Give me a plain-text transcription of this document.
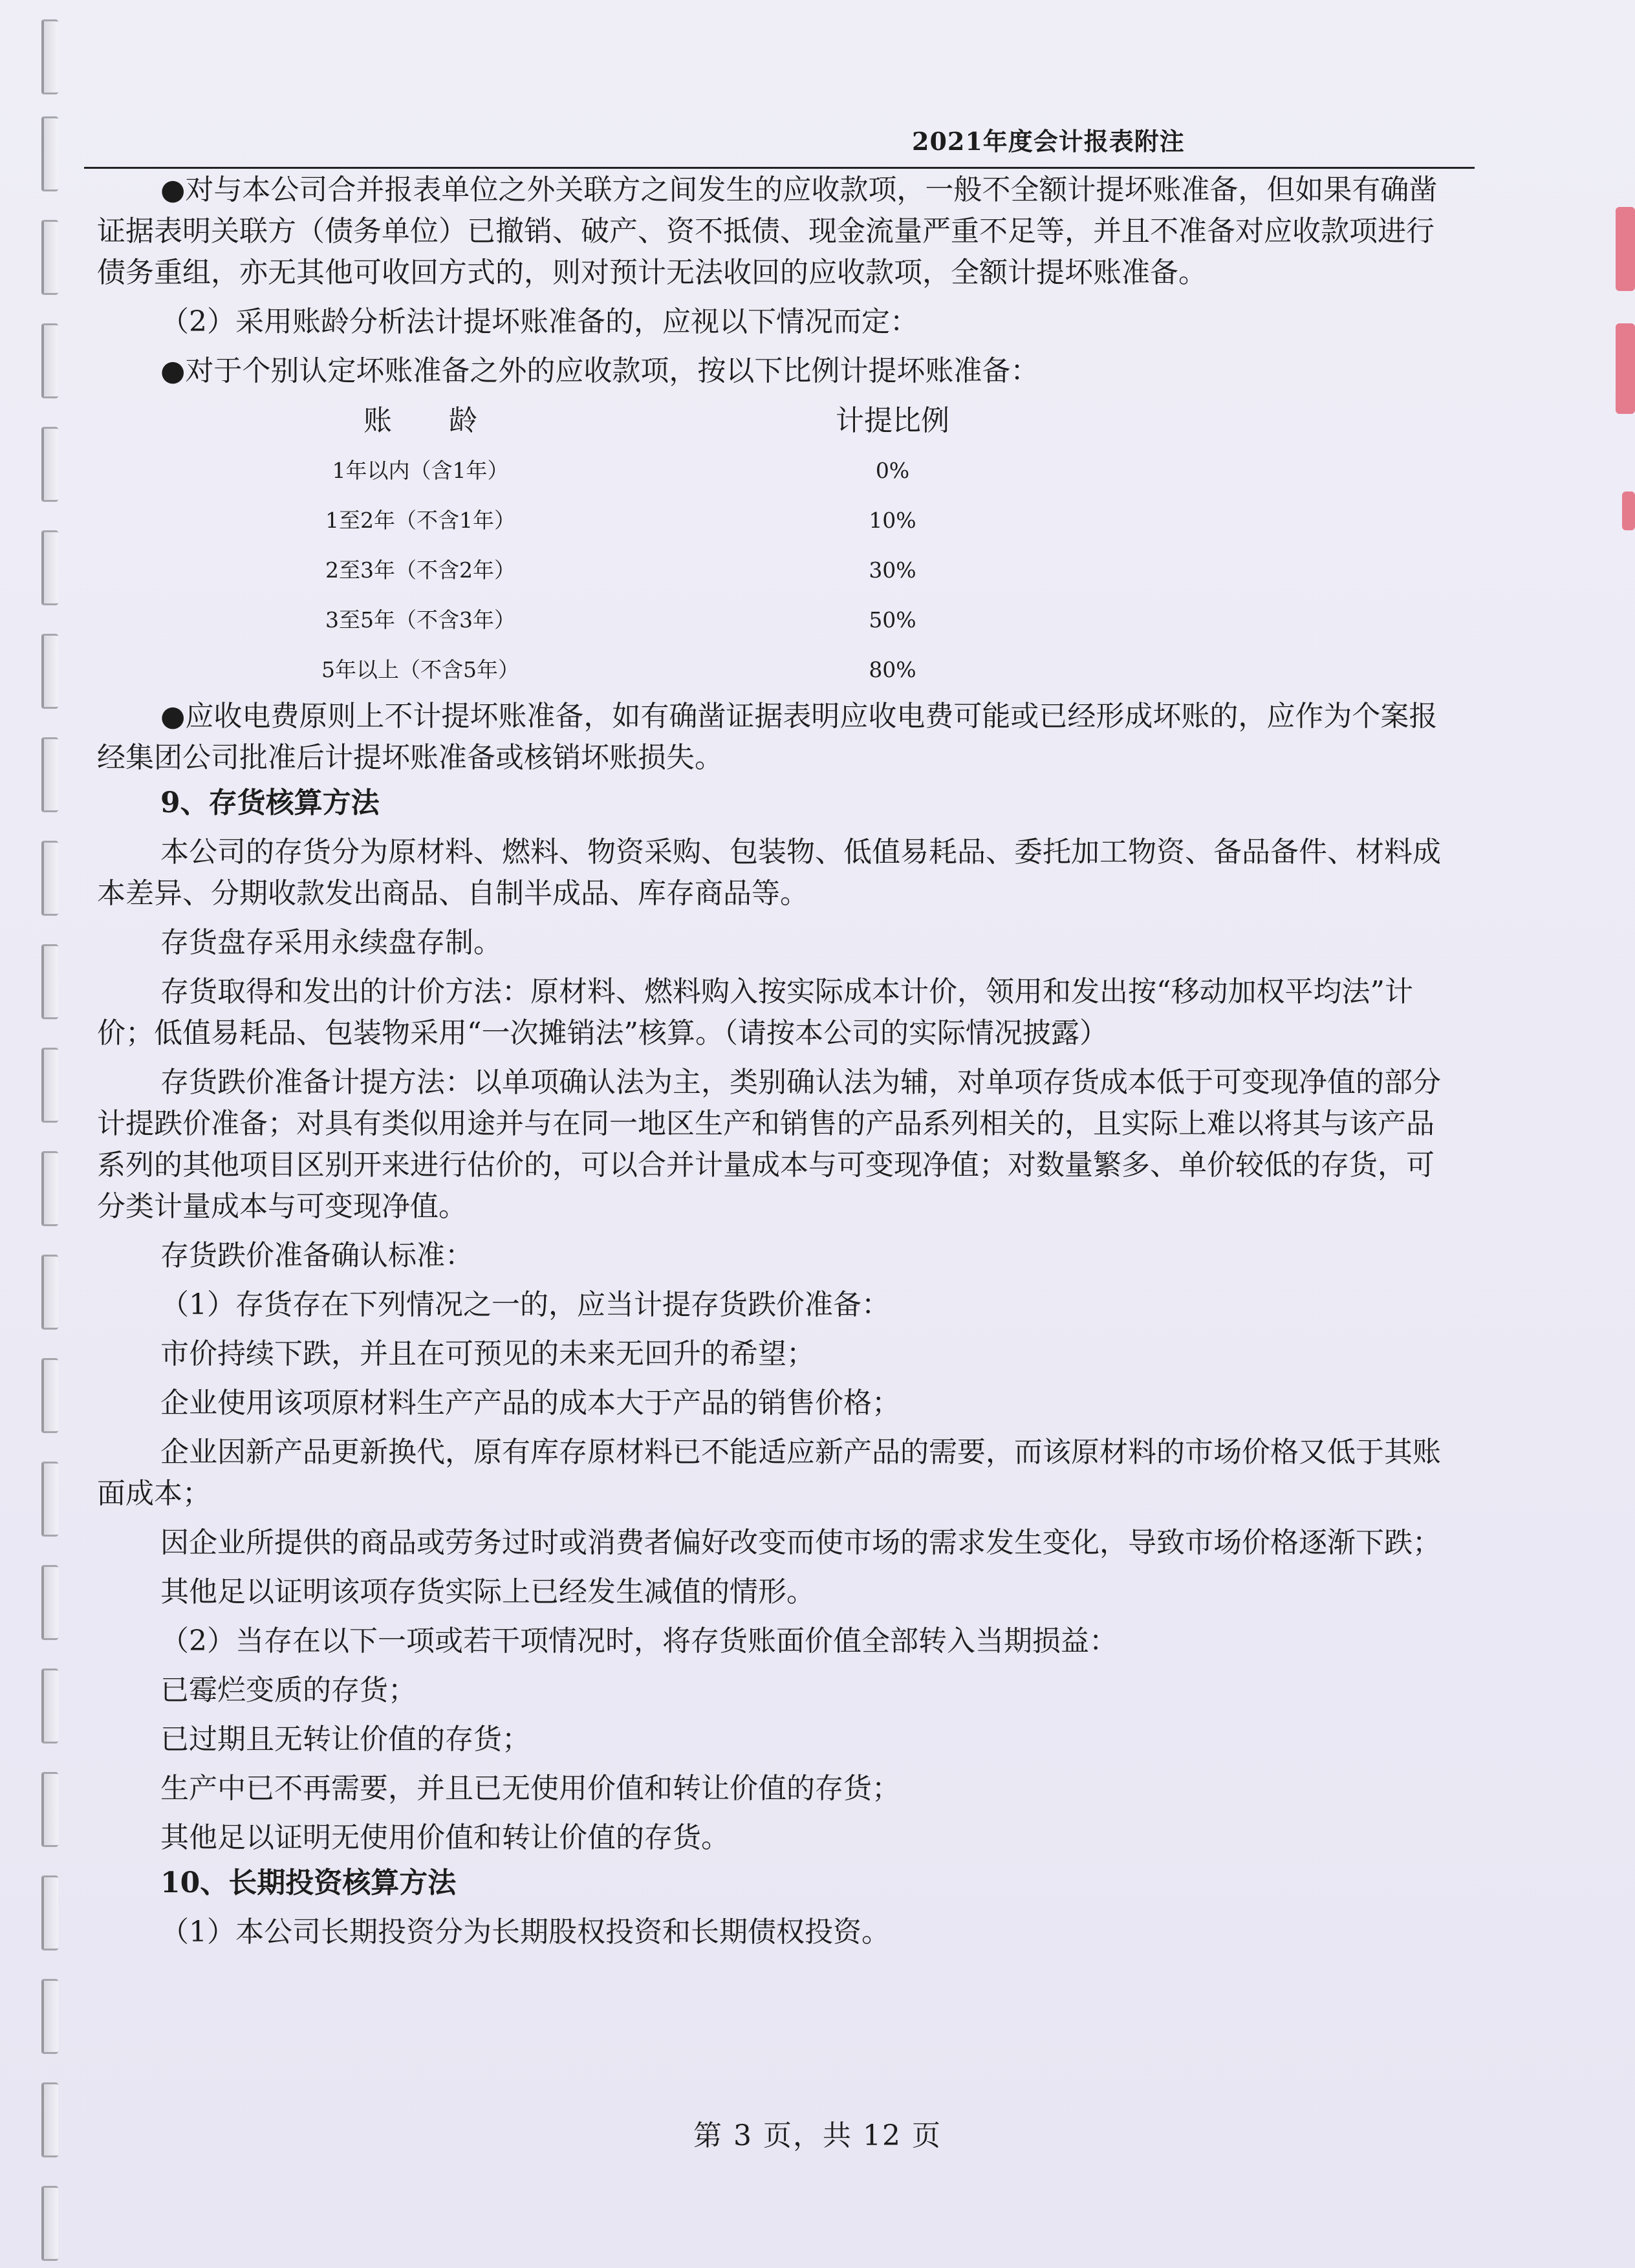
2021年度会计报表附注

●对与本公司合并报表单位之外关联方之间发生的应收款项，一般不全额计提坏账准备，但如果有确凿证据表明关联方（债务单位）已撤销、破产、资不抵债、现金流量严重不足等，并且不准备对应收款项进行债务重组，亦无其他可收回方式的，则对预计无法收回的应收款项，全额计提坏账准备。

（2）采用账龄分析法计提坏账准备的，应视以下情况而定：

●对于个别认定坏账准备之外的应收款项，按以下比例计提坏账准备：

账　　龄	计提比例
1年以内（含1年）	0%
1至2年（不含1年）	10%
2至3年（不含2年）	30%
3至5年（不含3年）	50%
5年以上（不含5年）	80%

●应收电费原则上不计提坏账准备，如有确凿证据表明应收电费可能或已经形成坏账的，应作为个案报经集团公司批准后计提坏账准备或核销坏账损失。

9、存货核算方法

本公司的存货分为原材料、燃料、物资采购、包装物、低值易耗品、委托加工物资、备品备件、材料成本差异、分期收款发出商品、自制半成品、库存商品等。

存货盘存采用永续盘存制。

存货取得和发出的计价方法：原材料、燃料购入按实际成本计价，领用和发出按“移动加权平均法”计价；低值易耗品、包装物采用“一次摊销法”核算。（请按本公司的实际情况披露）

存货跌价准备计提方法：以单项确认法为主，类别确认法为辅，对单项存货成本低于可变现净值的部分计提跌价准备；对具有类似用途并与在同一地区生产和销售的产品系列相关的，且实际上难以将其与该产品系列的其他项目区别开来进行估价的，可以合并计量成本与可变现净值；对数量繁多、单价较低的存货，可分类计量成本与可变现净值。

存货跌价准备确认标准：

（1）存货存在下列情况之一的，应当计提存货跌价准备：

市价持续下跌，并且在可预见的未来无回升的希望；

企业使用该项原材料生产产品的成本大于产品的销售价格；

企业因新产品更新换代，原有库存原材料已不能适应新产品的需要，而该原材料的市场价格又低于其账面成本；

因企业所提供的商品或劳务过时或消费者偏好改变而使市场的需求发生变化，导致市场价格逐渐下跌；

其他足以证明该项存货实际上已经发生减值的情形。

（2）当存在以下一项或若干项情况时，将存货账面价值全部转入当期损益：

已霉烂变质的存货；

已过期且无转让价值的存货；

生产中已不再需要，并且已无使用价值和转让价值的存货；

其他足以证明无使用价值和转让价值的存货。

10、长期投资核算方法

（1）本公司长期投资分为长期股权投资和长期债权投资。

第 3 页，共 12 页
